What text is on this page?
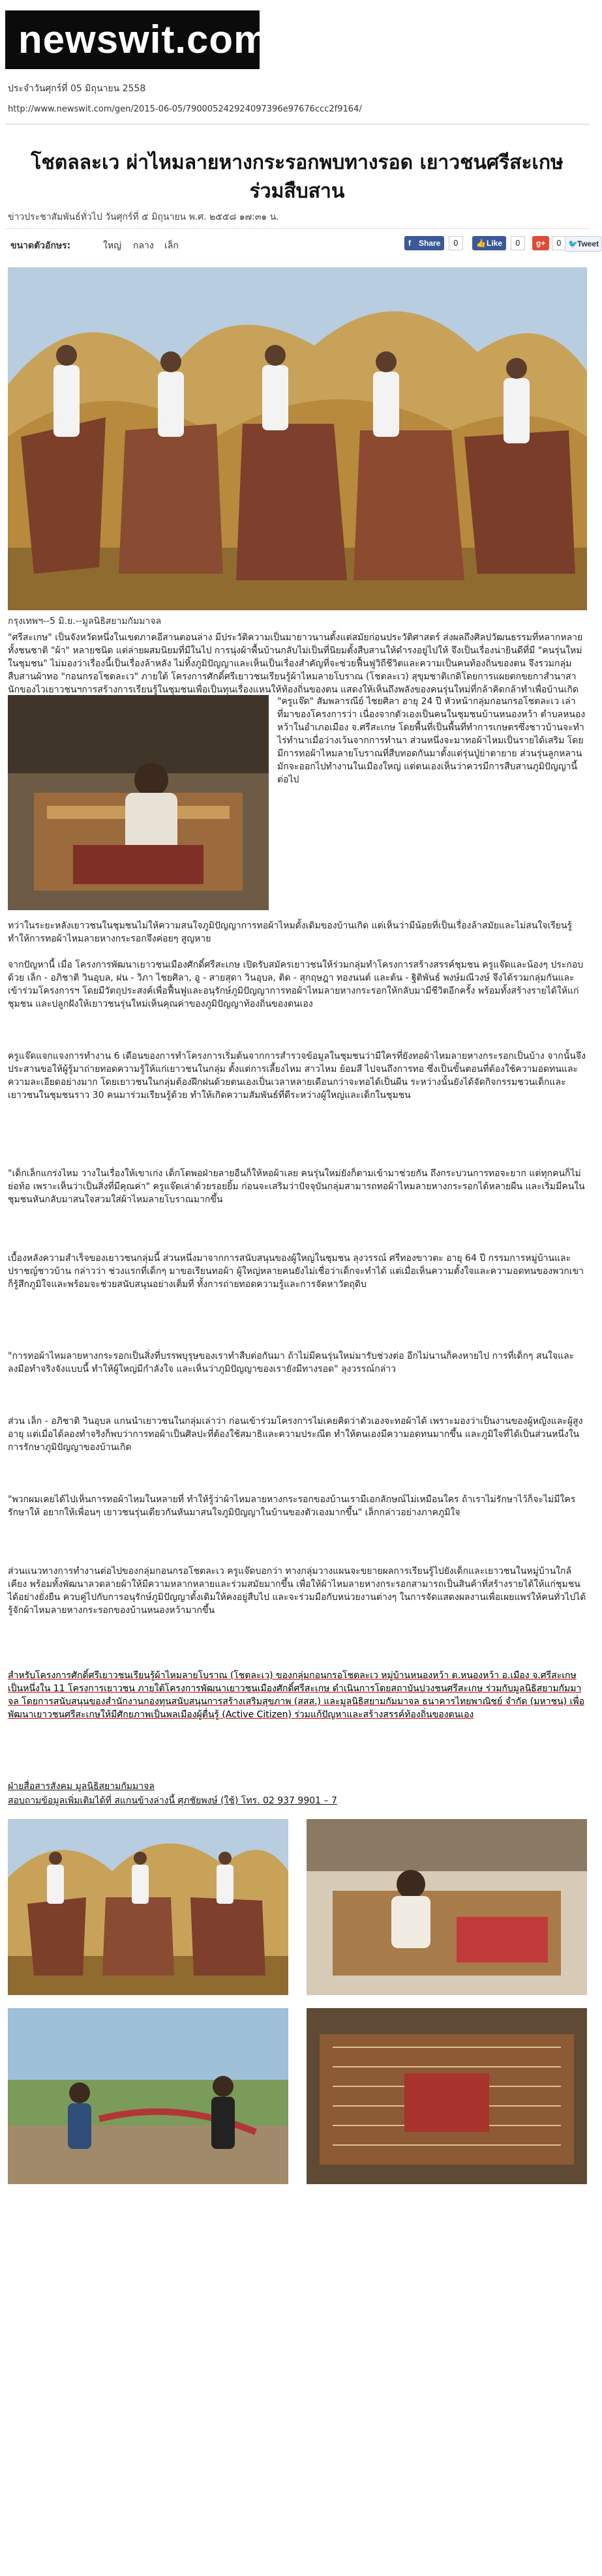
newswit.com
ประจำวันศุกร์ที่ 05 มิถุนายน 2558
http://www.newswit.com/gen/2015-06-05/790005242924097396e97676ccc2f9164/
โชตลละเว ผ่าไหมลายหางกระรอกพบทางรอด เยาวชนศรีสะเกษร่วมสืบสาน
ข่าวประชาสัมพันธ์ทั่วไป วันศุกร์ที่ ๕ มิถุนายน พ.ศ. ๒๕๕๘ ๑๗:๓๑ น.
ขนาดตัวอักษร:	ใหญ่ กลาง เล็ก	f Share	0	👍 Like	0	g+	0 🐦 Tweet
กรุงเทพฯ--5 มิ.ย.--มูลนิธิสยามกัมมาจล

"ศรีสะเกษ" เป็นจังหวัดหนึ่งในเขตภาคอีสานตอนล่าง มีประวัติความเป็นมายาวนานตั้งแต่สมัยก่อนประวัติศาสตร์ ส่งผลถึงศิลปวัฒนธรรมที่หลากหลายทั้งชนชาติ "ผ้า" หลายชนิด แต่ล่ายผสมนิยมที่มีในไป การนุ่งผ้าพื้นบ้านกลับไม่เป็นที่นิยมตั้งสืบสานให้ดำรงอยู่ไปให้ จึงเป็นเรื่องน่ายินดีที่มี "คนรุ่นใหม่ในชุมชน" ไม่มองว่าเรื่องนี้เป็นเรื่องล้าหลัง ไม่ทิ้งภูมิปัญญาและเห็นเป็นเรื่องสำคัญที่จะช่วยฟื้นฟูวิถีชีวิตและความเป็นคนท้องถิ่นของตน จึงรวมกลุ่มสืบสานผ้าทอ "กอนกรอโชตละเว" ภายใต้ โครงการศักดิ์ศรีเยาวชนเรียนรู้ผ้าไหมลายโบราณ (โชตละเว) สุขุมชาติเกดิโดยการแผยตกขยกาสำนาสานักของไวเยาวชนฯการสร้างการเรียนรู้ในชุมชนเพื่อเป็นทุนเรื่องแหนให้ท้องถิ่นของตน แสดงให้เห็นถึงพลังของคนรุ่นใหม่ที่กล้าคิดกล้าทำเพื่อบ้านเกิด

"ครูแจ๊ด" สัมพลารณีย์ ไชยศิลา อายุ 24 ปี หัวหน้ากลุ่มกอนกรอโชตละเว เล่าที่มาของโครงการว่า เนื่องจากตัวเองเป็นคนในชุมชนบ้านหนองหว้า ตำบลหนองหว้าในอำเภอเมือง จ.ศรีสะเกษ โดยพื้นที่เป็นพื้นที่ทำการเกษตรซึ่งชาวบ้านจะทำไร่ทำนาเมื่อว่างเว้นจากการทำนา ส่วนหนึ่งจะมาทอผ้าไหมเป็นรายได้เสริม โดยมีการทอผ้าไหมลายโบราณที่สืบทอดกันมาตั้งแต่รุ่นปู่ย่าตายาย ส่วนรุ่นลูกหลานมักจะออกไปทำงานในเมืองใหญ่ แต่ตนเองเห็นว่าควรมีการสืบสานภูมิปัญญานี้ต่อไป

ทว่าในระยะหลังเยาวชนในชุมชนไม่ให้ความสนใจภูมิปัญญาการทอผ้าไหมดั้งเดิมของบ้านเกิด แต่เห็นว่ามีน้อยที่เป็นเรื่องล้าสมัยและไม่สนใจเรียนรู้ ทำให้การทอผ้าไหมลายหางกระรอกจึงค่อยๆ สูญหาย

จากปัญหานี้ เมื่อ โครงการพัฒนาเยาวชนเมืองศักดิ์ศรีสะเกษ เปิดรับสมัครเยาวชนให้ร่วมกลุ่มทำโครงการสร้างสรรค์ชุมชน ครูแจ๊ดและน้องๆ ประกอบด้วย เล็ก - อภิชาติ วินอุบล, ฝน - วิภา ไชยศิลา, อู - สายสุดา วินอุบล, ติด - สุกฤษฎา ทองนนต์ และต้น - ฐิติพันธ์ พงษ์มณีวงษ์ จึงได้รวมกลุ่มกันและเข้าร่วมโครงการฯ โดยมีวัตถุประสงค์เพื่อฟื้นฟูและอนุรักษ์ภูมิปัญญาการทอผ้าไหมลายหางกระรอกให้กลับมามีชีวิตอีกครั้ง พร้อมทั้งสร้างรายได้ให้แก่ชุมชน และปลูกฝังให้เยาวชนรุ่นใหม่เห็นคุณค่าของภูมิปัญญาท้องถิ่นของตนเอง

ครูแจ๊ดแจกแจงการทำงาน 6 เดือนของการทำโครงการเริ่มต้นจากการสำรวจข้อมูลในชุมชนว่ามีใครที่ยังทอผ้าไหมลายหางกระรอกเป็นบ้าง จากนั้นจึงประสานขอให้ผู้รู้มาถ่ายทอดความรู้ให้แก่เยาวชนในกลุ่ม ตั้งแต่การเลี้ยงไหม สาวไหม ย้อมสี ไปจนถึงการทอ ซึ่งเป็นขั้นตอนที่ต้องใช้ความอดทนและความละเอียดอย่างมาก โดยเยาวชนในกลุ่มต้องฝึกฝนด้วยตนเองเป็นเวลาหลายเดือนกว่าจะทอได้เป็นผืน ระหว่างนั้นยังได้จัดกิจกรรมชวนเด็กและเยาวชนในชุมชนราว 30 คนมาร่วมเรียนรู้ด้วย ทำให้เกิดความสัมพันธ์ที่ดีระหว่างผู้ใหญ่และเด็กในชุมชน

"เด็กเล็กแกร่งไหม วางในเรื่องให้เขาเก่ง เด็กโตพอฝ่ายลายอืนก็ให้หอผ้าเลย คนรุ่นใหม่ยังก็ตามเข้ามาช่วยกัน ถึงกระบวนการทอจะยาก แต่ทุกคนก็ไม่ย่อท้อ เพราะเห็นว่าเป็นสิ่งที่มีคุณค่า" ครูแจ๊ดเล่าด้วยรอยยิ้ม ก่อนจะเสริมว่าปัจจุบันกลุ่มสามารถทอผ้าไหมลายหางกระรอกได้หลายผืน และเริ่มมีคนในชุมชนหันกลับมาสนใจสวมใส่ผ้าไหมลายโบราณมากขึ้น

เบื้องหลังความสำเร็จของเยาวชนกลุ่มนี้ ส่วนหนึ่งมาจากการสนับสนุนของผู้ใหญ่ในชุมชน ลุงวรรณ์ ศรีทองขาวตะ อายุ 64 ปี กรรมการหมู่บ้านและปราชญ์ชาวบ้าน กล่าวว่า ช่วงแรกที่เด็กๆ มาขอเรียนทอผ้า ผู้ใหญ่หลายคนยังไม่เชื่อว่าเด็กจะทำได้ แต่เมื่อเห็นความตั้งใจและความอดทนของพวกเขา ก็รู้สึกภูมิใจและพร้อมจะช่วยสนับสนุนอย่างเต็มที่ ทั้งการถ่ายทอดความรู้และการจัดหาวัตถุดิบ

"การทอผ้าไหมลายหางกระรอกเป็นสิ่งที่บรรพบุรุษของเราทำสืบต่อกันมา ถ้าไม่มีคนรุ่นใหม่มารับช่วงต่อ อีกไม่นานก็คงหายไป การที่เด็กๆ สนใจและลงมือทำจริงจังแบบนี้ ทำให้ผู้ใหญ่มีกำลังใจ และเห็นว่าภูมิปัญญาของเรายังมีทางรอด" ลุงวรรณ์กล่าว

ส่วน เล็ก - อภิชาติ วินอุบล แกนนำเยาวชนในกลุ่มเล่าว่า ก่อนเข้าร่วมโครงการไม่เคยคิดว่าตัวเองจะทอผ้าได้ เพราะมองว่าเป็นงานของผู้หญิงและผู้สูงอายุ แต่เมื่อได้ลองทำจริงก็พบว่าการทอผ้าเป็นศิลปะที่ต้องใช้สมาธิและความประณีต ทำให้ตนเองมีความอดทนมากขึ้น และภูมิใจที่ได้เป็นส่วนหนึ่งในการรักษาภูมิปัญญาของบ้านเกิด

"พวกผมเคยได้ไปเห็นการทอผ้าไหมในหลายที่ ทำให้รู้ว่าผ้าไหมลายหางกระรอกของบ้านเรามีเอกลักษณ์ไม่เหมือนใคร ถ้าเราไม่รักษาไว้ก็จะไม่มีใครรักษาให้ อยากให้เพื่อนๆ เยาวชนรุ่นเดียวกันหันมาสนใจภูมิปัญญาในบ้านของตัวเองมากขึ้น" เล็กกล่าวอย่างภาคภูมิใจ

ส่วนแนวทางการทำงานต่อไปของกลุ่มกอนกรอโชตละเว ครูแจ๊ดบอกว่า ทางกลุ่มวางแผนจะขยายผลการเรียนรู้ไปยังเด็กและเยาวชนในหมู่บ้านใกล้เคียง พร้อมทั้งพัฒนาลวดลายผ้าให้มีความหลากหลายและร่วมสมัยมากขึ้น เพื่อให้ผ้าไหมลายหางกระรอกสามารถเป็นสินค้าที่สร้างรายได้ให้แก่ชุมชนได้อย่างยั่งยืน ควบคู่ไปกับการอนุรักษ์ภูมิปัญญาดั้งเดิมให้คงอยู่สืบไป และจะร่วมมือกับหน่วยงานต่างๆ ในการจัดแสดงผลงานเพื่อเผยแพร่ให้คนทั่วไปได้รู้จักผ้าไหมลายหางกระรอกของบ้านหนองหว้ามากขึ้น

สำหรับโครงการศักดิ์ศรีเยาวชนเรียนรู้ผ้าไหมลายโบราณ (โชตละเว) ของกลุ่มกอนกรอโชตละเว หมู่บ้านหนองหว้า ต.หนองหว้า อ.เมือง จ.ศรีสะเกษ เป็นหนึ่งใน 11 โครงการเยาวชน ภายใต้โครงการพัฒนาเยาวชนเมืองศักดิ์ศรีสะเกษ ดำเนินการโดยสถาบันปวงชนศรีสะเกษ ร่วมกับมูลนิธิสยามกัมมาจล โดยการสนับสนุนของสำนักงานกองทุนสนับสนุนการสร้างเสริมสุขภาพ (สสส.) และมูลนิธิสยามกัมมาจล ธนาคารไทยพาณิชย์ จำกัด (มหาชน) เพื่อพัฒนาเยาวชนศรีสะเกษให้มีศักยภาพเป็นพลเมืองผู้ตื่นรู้ (Active Citizen) ร่วมแก้ปัญหาและสร้างสรรค์ท้องถิ่นของตนเอง

ฝ่ายสื่อสารสังคม มูลนิธิสยามกัมมาจล

สอบถามข้อมูลเพิ่มเติมได้ที่ สแกนข้างล่างนี้ ศุภชัยพงษ์ (ใช้) โทร. 02 937 9901 – 7
